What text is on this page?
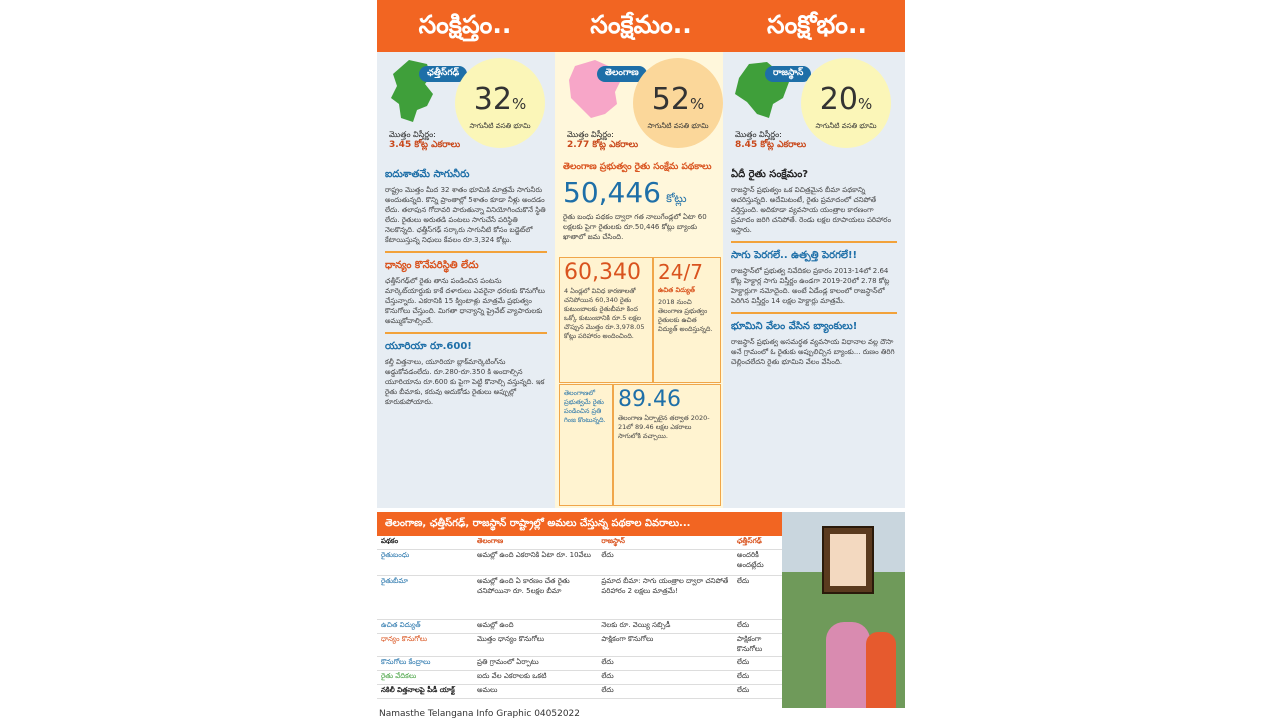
సంక్షిప్తం..	సంక్షేమం..	సంక్షోభం..
ఛత్తీస్‌గఢ్
32%
సాగునీటి వసతి భూమి
మొత్తం విస్తీర్ణం:
3.45 కోట్ల ఎకరాలు
ఐదుశాతమే సాగునీరు
రాష్ట్రం మొత్తం మీద 32 శాతం భూమికి మాత్రమే సాగునీరు అందుతున్నది. కొన్ని ప్రాంతాల్లో 5శాతం కూడా నీళ్లు అందడం లేదు. తలాపున గోదావరి పారుతున్నా వినియోగించుకొనే స్థితి లేదు. రైతులు అరుతడి పంటలు సాగుచేసే పరిస్థితి నెలకొన్నది. ఛత్తీస్‌గఢ్ సర్కారు సాగునీటి కోసం బడ్జెట్‌లో కేటాయిస్తున్న నిధులు కేవలం రూ.3,324 కోట్లు.
ధాన్యం కొనేపరిస్థితి లేదు
ఛత్తీస్‌గఢ్‌లో రైతు తాను పండించిన పంటను మార్కెట్‌యార్డుకు కాకే దళారులు ఎవరైనా ధరలకు కొనుగోలు చేస్తున్నారు. ఎకరానికి 15 క్వింటాళ్లు మాత్రమే ప్రభుత్వం కొనుగోలు చేస్తుంది. మిగతా ధాన్యాన్ని ప్రైవేట్ వ్యాపారులకు అమ్ముకోవాల్సిందే.
యూరియా రూ.600!
కల్తీ విత్తనాలు, యూరియా బ్లాక్‌మార్కెటింగ్‌ను అడ్డుకోవడంలేదు. రూ.280-రూ.350 కి అందాల్సిన యూరియాను రూ.600 కు పైగా పెట్టి కొనాల్సి వస్తున్నది. ఇక రైతు బీమాకు, కరువు ఆదుకోడు రైతులు అప్పుల్లో కూరుకుపోయారు.
తెలంగాణ
52%
సాగునీటి వసతి భూమి
మొత్తం విస్తీర్ణం:
2.77 కోట్ల ఎకరాలు
తెలంగాణ ప్రభుత్వం రైతు సంక్షేమ పథకాలు
50,446 కోట్లు
రైతు బంధు పథకం ద్వారా గత నాలుగేండ్లలో ఏటా 60 లక్షలకు పైగా రైతులకు రూ.50,446 కోట్లు బ్యాంకు ఖాతాలో జమ చేసింది.
60,340
4 ఏండ్లలో వివిధ కారణాలతో చనిపోయిన 60,340 రైతు కుటుంబాలకు రైతుబీమా కింద ఒక్కో కుటుంబానికి రూ.5 లక్షల చొప్పున మొత్తం రూ.3,978.05 కోట్లు పరిహారం అందించింది.
24/7
ఉచిత విద్యుత్
2018 నుంచి తెలంగాణ ప్రభుత్వం రైతులకు ఉచిత విద్యుత్ అందిస్తున్నది.
తెలంగాణలో ప్రభుత్వమే రైతు పండించిన ప్రతి గింజ కొంటున్నది.
89.46
తెలంగాణ ఏర్పాటైన తర్వాత 2020-21లో 89.46 లక్షల ఎకరాలు సాగులోకి వచ్చాయి.
రాజస్థాన్
20%
సాగునీటి వసతి భూమి
మొత్తం విస్తీర్ణం:
8.45 కోట్ల ఎకరాలు
ఏదీ రైతు సంక్షేమం?
రాజస్థాన్ ప్రభుత్వం ఒక విచిత్రమైన బీమా పథకాన్ని ఆచరిస్తున్నది. అదేమిటంటే, రైతు ప్రమాదంలో చనిపోతే వర్తిస్తుంది. అదికూడా వ్యవసాయ యంత్రాల కారణంగా ప్రమాదం జరిగి చనిపోతే. రెండు లక్షల రూపాయలు పరిహారం ఇస్తారు.
సాగు పెరగలే.. ఉత్పత్తి పెరగలే!!
రాజస్థాన్‌లో ప్రభుత్వ నివేదికల ప్రకారం 2013-14లో 2.64 కోట్ల హెక్టార్ల సాగు విస్తీర్ణం ఉండగా 2019-20లో 2.78 కోట్ల హెక్టార్లుగా నమోదైంది. అంటే ఏడేండ్ల కాలంలో రాజస్థాన్‌లో పెరిగిన విస్తీర్ణం 14 లక్షల హెక్టార్లు మాత్రమే.
భూమిని వేలం వేసిన బ్యాంకులు!
రాజస్థాన్ ప్రభుత్వ అసమర్థత వ్యవసాయ విధానాల వల్ల దౌసా అనే గ్రామంలో ఓ రైతుకు అప్పులిచ్చిన బ్యాంకు... రుణం తిరిగి చెల్లించలేదని రైతు భూమిని వేలం వేసింది.
తెలంగాణ, ఛత్తీస్‌గఢ్, రాజస్థాన్ రాష్ట్రాల్లో అమలు చేస్తున్న పథకాల వివరాలు...
పథకం	తెలంగాణ	రాజస్థాన్	ఛత్తీస్‌గఢ్
రైతుబంధు	అమల్లో ఉంది ఎకరానికి ఏటా రూ. 10వేలు	లేదు	అందరికీ అందట్లేదు
రైతుబీమా	అమల్లో ఉంది ఏ కారణం చేత రైతు చనిపోయినా రూ. 5లక్షల బీమా	ప్రమాద బీమా: సాగు యంత్రాల ద్వారా చనిపోతే పరిహారం 2 లక్షలు మాత్రమే!	లేదు
ఉచిత విద్యుత్	అమల్లో ఉంది	నెలకు రూ. వెయ్యి సబ్సిడీ	లేదు
ధాన్యం కొనుగోలు	మొత్తం ధాన్యం కొనుగోలు	పాక్షికంగా కొనుగోలు	పాక్షికంగా కొనుగోలు
కొనుగోలు కేంద్రాలు	ప్రతి గ్రామంలో ఏర్పాటు	లేదు	లేదు
రైతు వేదికలు	ఐదు వేల ఎకరాలకు ఒకటి	లేదు	లేదు
నకిలీ విత్తనాలపై పీడీ యాక్ట్	అమలు	లేదు	లేదు
Namasthe Telangana Info Graphic 04052022
